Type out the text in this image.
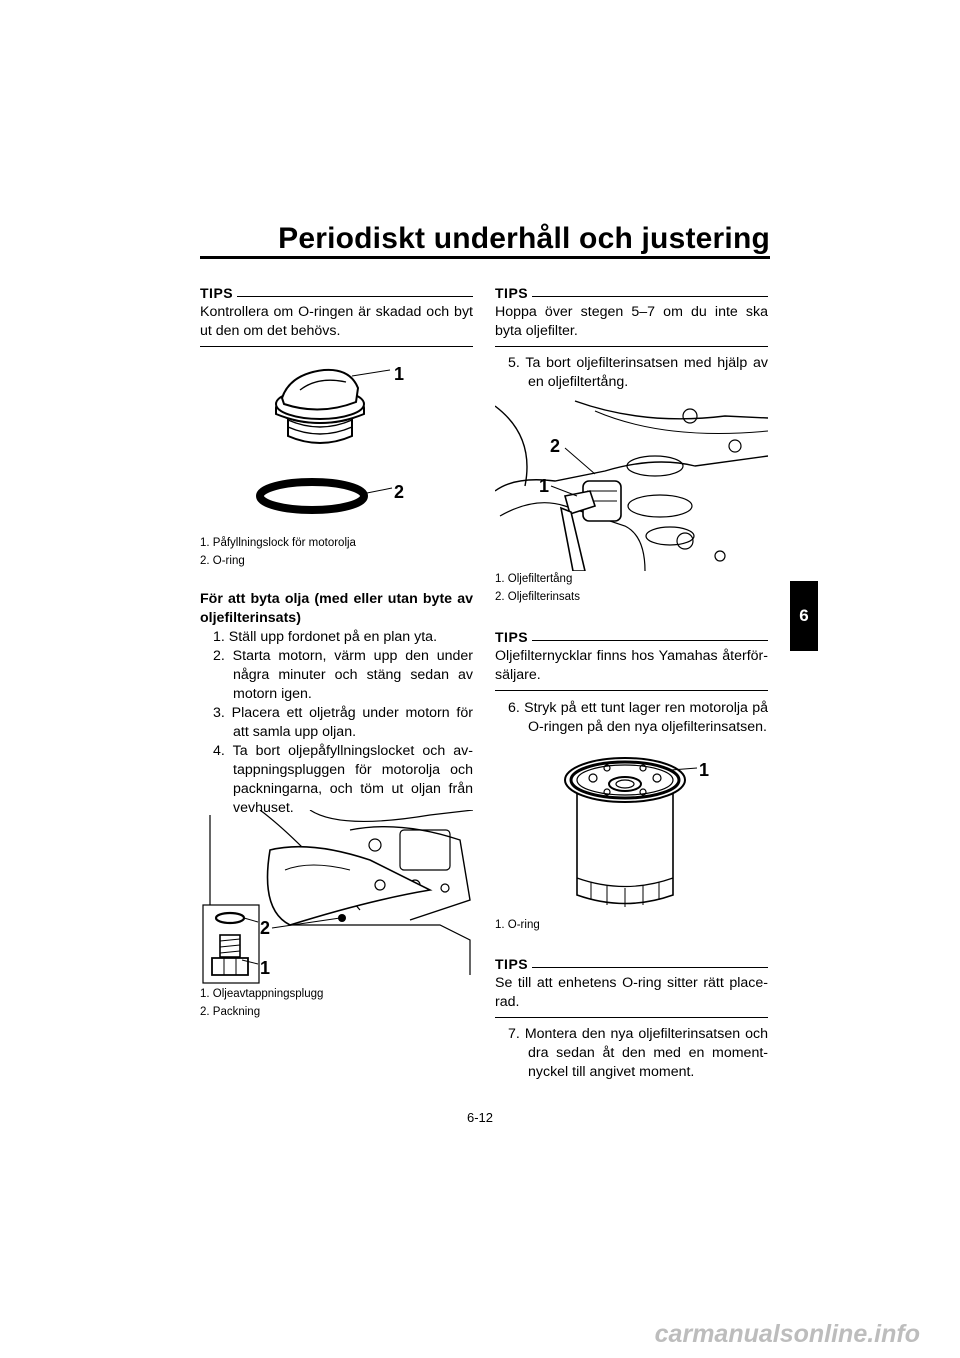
Periodiskt underhåll och justering
6
TIPS
Kontrollera om O-ringen är skadad och byt ut den om det behövs.
1
2
1. Påfyllningslock för motorolja
2. O-ring
För att byta olja (med eller utan byte av oljefilterinsats)
1. Ställ upp fordonet på en plan yta.
2. Starta motorn, värm upp den under några minuter och stäng sedan av motorn igen.
3. Placera ett oljetråg under motorn för att samla upp oljan.
4. Ta bort oljepåfyllningslocket och av-tappningspluggen för motorolja och packningarna, och töm ut oljan från vevhuset.
2
1
1. Oljeavtappningsplugg
2. Packning
TIPS
Hoppa över stegen 5–7 om du inte ska byta oljefilter.
5. Ta bort oljefilterinsatsen med hjälp av en oljefiltertång.
2
1
1. Oljefiltertång
2. Oljefilterinsats
TIPS
Oljefilternycklar finns hos Yamahas återför-säljare.
6. Stryk på ett tunt lager ren motorolja på O-ringen på den nya oljefilterinsatsen.
1
1. O-ring
TIPS
Se till att enhetens O-ring sitter rätt place-rad.
7. Montera den nya oljefilterinsatsen och dra sedan åt den med en moment-nyckel till angivet moment.
6-12
carmanualsonline.info
